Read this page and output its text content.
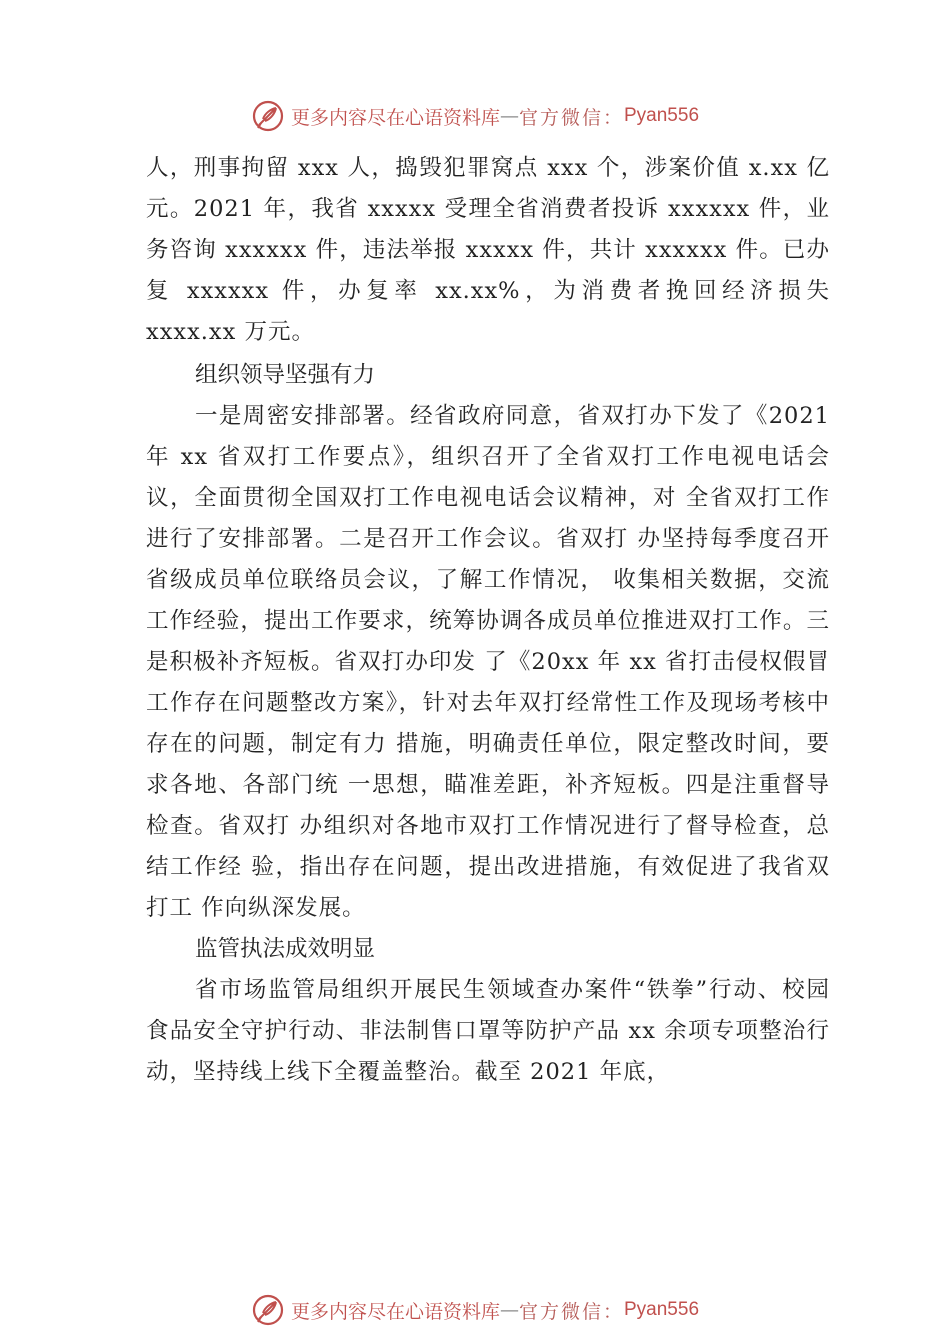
更多内容尽在心语资料库 — 官方微信： Pyan556

人，刑事拘留 xxx 人，捣毁犯罪窝点 xxx 个，涉案价值 x.xx 亿元。2021 年，我省 xxxxx 受理全省消费者投诉 xxxxxx 件，业务咨询 xxxxxx 件，违法举报 xxxxx 件，共计 xxxxxx 件。已办复 xxxxxx 件，办复率 xx.xx%，为消费者挽回经济损失 xxxx.xx 万元。

组织领导坚强有力

一是周密安排部署。经省政府同意，省双打办下发了《2021 年 xx 省双打工作要点》，组织召开了全省双打工作电视电话会议，全面贯彻全国双打工作电视电话会议精神，对 全省双打工作进行了安排部署。二是召开工作会议。省双打 办坚持每季度召开省级成员单位联络员会议，了解工作情况， 收集相关数据，交流工作经验，提出工作要求，统筹协调各成员单位推进双打工作。三是积极补齐短板。省双打办印发 了《20xx 年 xx 省打击侵权假冒工作存在问题整改方案》，针对去年双打经常性工作及现场考核中存在的问题，制定有力 措施，明确责任单位，限定整改时间，要求各地、各部门统 一思想，瞄准差距，补齐短板。四是注重督导检查。省双打 办组织对各地市双打工作情况进行了督导检查，总结工作经 验，指出存在问题，提出改进措施，有效促进了我省双打工 作向纵深发展。

监管执法成效明显

省市场监管局组织开展民生领域查办案件“铁拳”行动、校园食品安全守护行动、非法制售口罩等防护产品 xx 余项专项整治行动，坚持线上线下全覆盖整治。截至 2021 年底，

更多内容尽在心语资料库 — 官方微信： Pyan556
